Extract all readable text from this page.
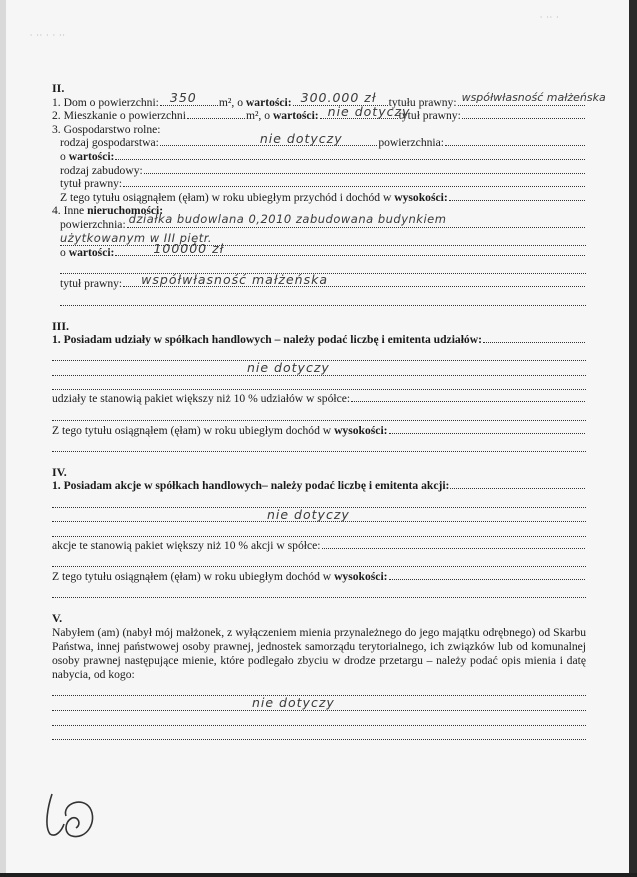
∙ ∙∙ ∙ ∙ ∙∙
∙ ∙∙ ∙
II.
1. Dom o powierzchni: 350 m², o
wartości: 300.000 zł tytułu prawny: współwłasność małżeńska
2. Mieszkanie o powierzchni	m², o
wartości: nie dotyczy
tytuł prawny:
3. Gospodarstwo rolne:
rodzaj gospodarstwa:	nie dotyczy	powierzchnia:
o
wartości:
rodzaj zabudowy:
tytuł prawny:
Z tego tytułu osiągnąłem (ęłam) w roku ubiegłym przychód i dochód w
wysokości:
4. Inne
nieruchomości:
powierzchnia: działka budowlana 0,2010 zabudowana budynkiem
użytkowanym w III piętr.
o
wartości:	100000 zł
tytuł prawny: współwłasność małżeńska
III.
1. Posiadam udziały w spółkach handlowych – należy podać liczbę i emitenta udziałów:
nie dotyczy
udziały te stanowią pakiet większy niż 10 % udziałów w spółce:
Z tego tytułu osiągnąłem (ęłam) w roku ubiegłym dochód w
wysokości:
IV.
1. Posiadam akcje w spółkach handlowych– należy podać liczbę i emitenta akcji:
nie dotyczy
akcje te stanowią pakiet większy niż 10 % akcji w spółce:
Z tego tytułu osiągnąłem (ęłam) w roku ubiegłym dochód w
wysokości:
V.
Nabyłem (am) (nabył mój małżonek, z wyłączeniem mienia przynależnego do jego majątku odrębnego) od Skarbu Państwa, innej państwowej osoby prawnej, jednostek samorządu terytorialnego, ich związków lub od komunalnej osoby prawnej następujące mienie, które podlegało zbyciu w drodze przetargu – należy podać opis mienia i datę nabycia, od kogo:
nie dotyczy
